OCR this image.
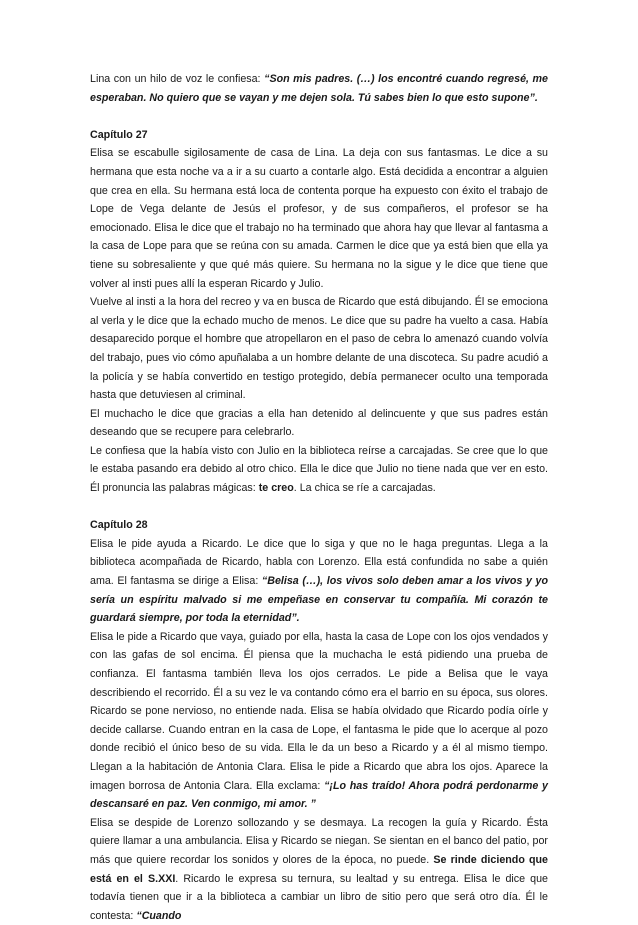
Lina con un hilo de voz le confiesa: “Son mis padres. (…) los encontré cuando regresé, me esperaban. No quiero que se vayan y me dejen sola. Tú sabes bien lo que esto supone”.

Capítulo 27

Elisa se escabulle sigilosamente de casa de Lina. La deja con sus fantasmas. Le dice a su hermana que esta noche va a ir a su cuarto a contarle algo. Está decidida a encontrar a alguien que crea en ella. Su hermana está loca de contenta porque ha expuesto con éxito el trabajo de Lope de Vega delante de Jesús el profesor, y de sus compañeros, el profesor se ha emocionado. Elisa le dice que el trabajo no ha terminado que ahora hay que llevar al fantasma a la casa de Lope para que se reúna con su amada. Carmen le dice que ya está bien que ella ya tiene su sobresaliente y que qué más quiere. Su hermana no la sigue y le dice que tiene que volver al insti pues allí la esperan Ricardo y Julio.

Vuelve al insti a la hora del recreo y va en busca de Ricardo que está dibujando. Él se emociona al verla y le dice que la echado mucho de menos. Le dice que su padre ha vuelto a casa. Había desaparecido porque el hombre que atropellaron en el paso de cebra lo amenazó cuando volvía del trabajo, pues vio cómo apuñalaba a un hombre delante de una discoteca. Su padre acudió a la policía y se había convertido en testigo protegido, debía permanecer oculto una temporada hasta que detuviesen al criminal.

El muchacho le dice que gracias a ella han detenido al delincuente y que sus padres están deseando que se recupere para celebrarlo.

Le confiesa que la había visto con Julio en la biblioteca reírse a carcajadas. Se cree que lo que le estaba pasando era debido al otro chico. Ella le dice que Julio no tiene nada que ver en esto. Él pronuncia las palabras mágicas: te creo. La chica se ríe a carcajadas.

Capítulo 28

Elisa le pide ayuda a Ricardo. Le dice que lo siga y que no le haga preguntas. Llega a la biblioteca acompañada de Ricardo, habla con Lorenzo. Ella está confundida no sabe a quién ama. El fantasma se dirige a Elisa: “Belisa (…), los vivos solo deben amar a los vivos y yo sería un espíritu malvado si me empeñase en conservar tu compañía. Mi corazón te guardará siempre, por toda la eternidad”.

Elisa le pide a Ricardo que vaya, guiado por ella, hasta la casa de Lope con los ojos vendados y con las gafas de sol encima. Él piensa que la muchacha le está pidiendo una prueba de confianza. El fantasma también lleva los ojos cerrados. Le pide a Belisa que le vaya describiendo el recorrido. Él a su vez le va contando cómo era el barrio en su época, sus olores. Ricardo se pone nervioso, no entiende nada. Elisa se había olvidado que Ricardo podía oírle y decide callarse. Cuando entran en la casa de Lope, el fantasma le pide que lo acerque al pozo donde recibió el único beso de su vida. Ella le da un beso a Ricardo y a él al mismo tiempo. Llegan a la habitación de Antonia Clara. Elisa le pide a Ricardo que abra los ojos. Aparece la imagen borrosa de Antonia Clara. Ella exclama: “¡Lo has traído! Ahora podrá perdonarme y descansaré en paz. Ven conmigo, mi amor. ”

Elisa se despide de Lorenzo sollozando y se desmaya. La recogen la guía y Ricardo. Ésta quiere llamar a una ambulancia. Elisa y Ricardo se niegan. Se sientan en el banco del patio, por más que quiere recordar los sonidos y olores de la época, no puede. Se rinde diciendo que está en el S.XXI. Ricardo le expresa su ternura, su lealtad y su entrega. Elisa le dice que todavía tienen que ir a la biblioteca a cambiar un libro de sitio pero que será otro día. Él le contesta: “Cuando
